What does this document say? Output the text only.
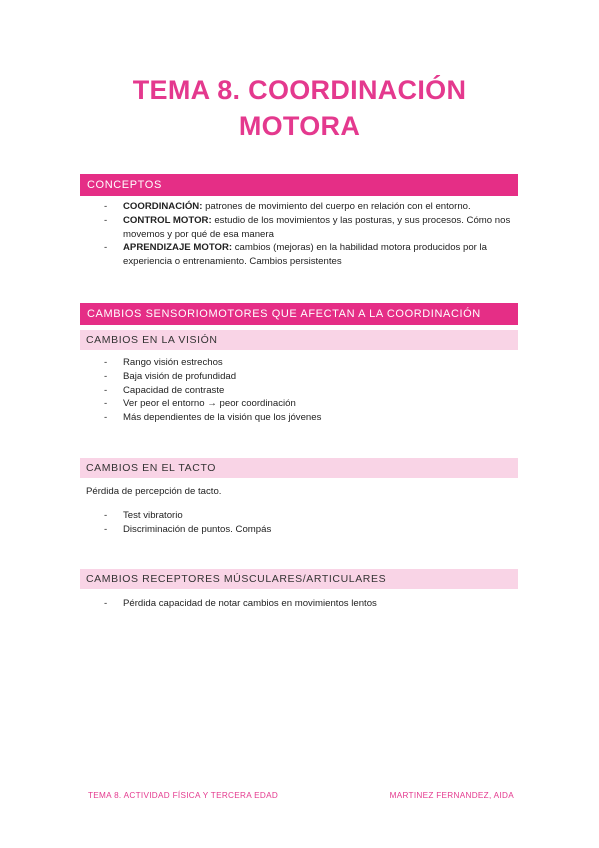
TEMA 8. COORDINACIÓN
MOTORA
CONCEPTOS
- COORDINACIÓN: patrones de movimiento del cuerpo en relación con el entorno.
- CONTROL MOTOR: estudio de los movimientos y las posturas, y sus procesos. Cómo nos movemos y por qué de esa manera
- APRENDIZAJE MOTOR: cambios (mejoras) en la habilidad motora producidos por la experiencia o entrenamiento. Cambios persistentes
CAMBIOS SENSORIOMOTORES QUE AFECTAN A LA COORDINACIÓN
CAMBIOS EN LA VISIÓN
- Rango visión estrechos
- Baja visión de profundidad
- Capacidad de contraste
- Ver peor el entorno → peor coordinación
- Más dependientes de la visión que los jóvenes
CAMBIOS EN EL TACTO
Pérdida de percepción de tacto.
- Test vibratorio
- Discriminación de puntos. Compás
CAMBIOS RECEPTORES MÚSCULARES/ARTICULARES
- Pérdida capacidad de notar cambios en movimientos lentos
TEMA 8. ACTIVIDAD FÍSICA Y TERCERA EDAD	MARTINEZ FERNANDEZ, AIDA
